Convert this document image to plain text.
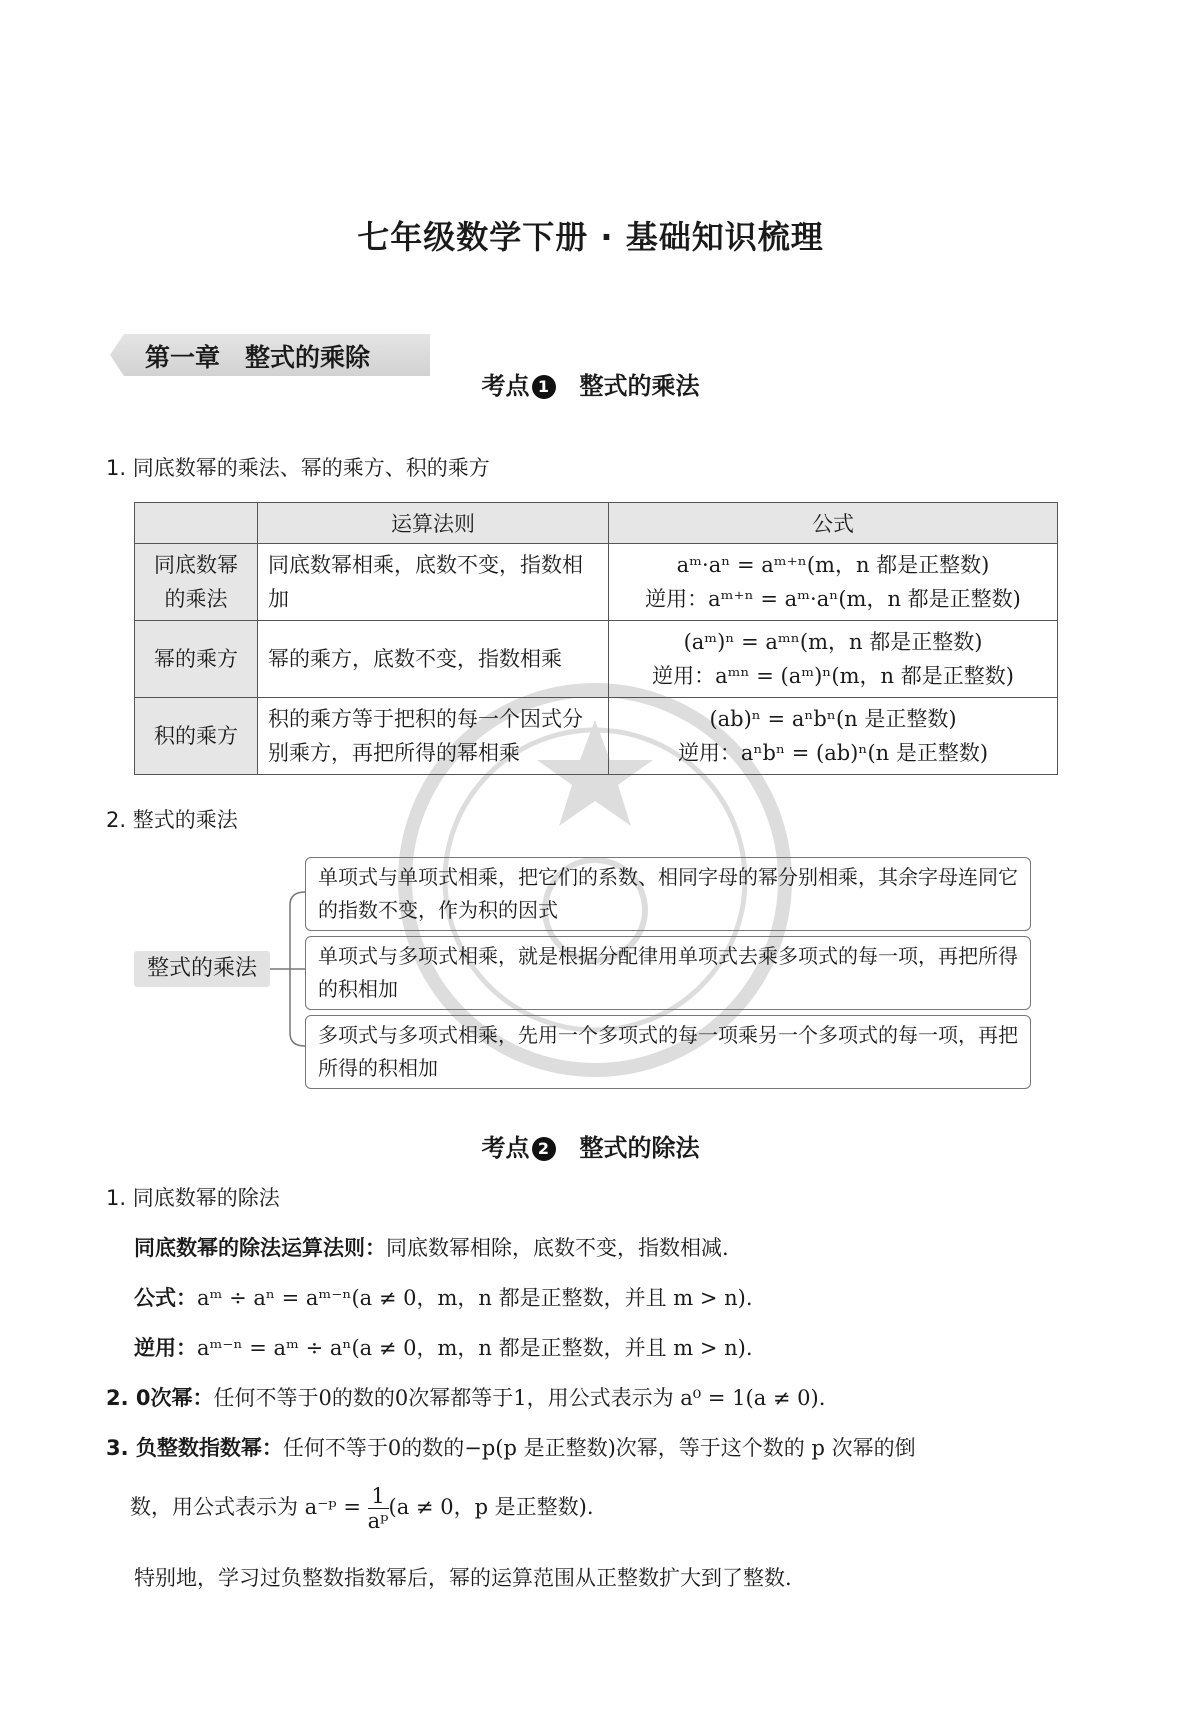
七年级数学下册 · 基础知识梳理
第一章　整式的乘除
考点 1 整式的乘法
1. 同底数幂的乘法、幂的乘方、积的乘方
	运算法则	公式
同底数幂的乘法	同底数幂相乘，底数不变，指数相加	aᵐ·aⁿ = aᵐ⁺ⁿ(m，n 都是正整数)
逆用：aᵐ⁺ⁿ = aᵐ·aⁿ(m，n 都是正整数)

幂的乘方	幂的乘方，底数不变，指数相乘	(aᵐ)ⁿ = aᵐⁿ(m，n 都是正整数)
逆用：aᵐⁿ = (aᵐ)ⁿ(m，n 都是正整数)

积的乘方	积的乘方等于把积的每一个因式分别乘方，再把所得的幂相乘	(ab)ⁿ = aⁿbⁿ(n 是正整数)
逆用：aⁿbⁿ = (ab)ⁿ(n 是正整数)
2. 整式的乘法
整式的乘法
单项式与单项式相乘，把它们的系数、相同字母的幂分别相乘，其余字母连同它的指数不变，作为积的因式
单项式与多项式相乘，就是根据分配律用单项式去乘多项式的每一项，再把所得的积相加
多项式与多项式相乘，先用一个多项式的每一项乘另一个多项式的每一项，再把所得的积相加
考点 2 整式的除法
1. 同底数幂的除法
同底数幂的除法运算法则：同底数幂相除，底数不变，指数相减.
公式：aᵐ ÷ aⁿ = aᵐ⁻ⁿ(a ≠ 0，m，n 都是正整数，并且 m > n).
逆用：aᵐ⁻ⁿ = aᵐ ÷ aⁿ(a ≠ 0，m，n 都是正整数，并且 m > n).
2. 0次幂：任何不等于0的数的0次幂都等于1，用公式表示为 a⁰ = 1(a ≠ 0).
3. 负整数指数幂：任何不等于0的数的−p(p 是正整数)次幂，等于这个数的 p 次幂的倒
数，用公式表示为 a⁻ᵖ = $\frac{1}{\text{aᵖ}} (a \ne 0$，p 是正整数).
特别地，学习过负整数指数幂后，幂的运算范围从正整数扩大到了整数.
